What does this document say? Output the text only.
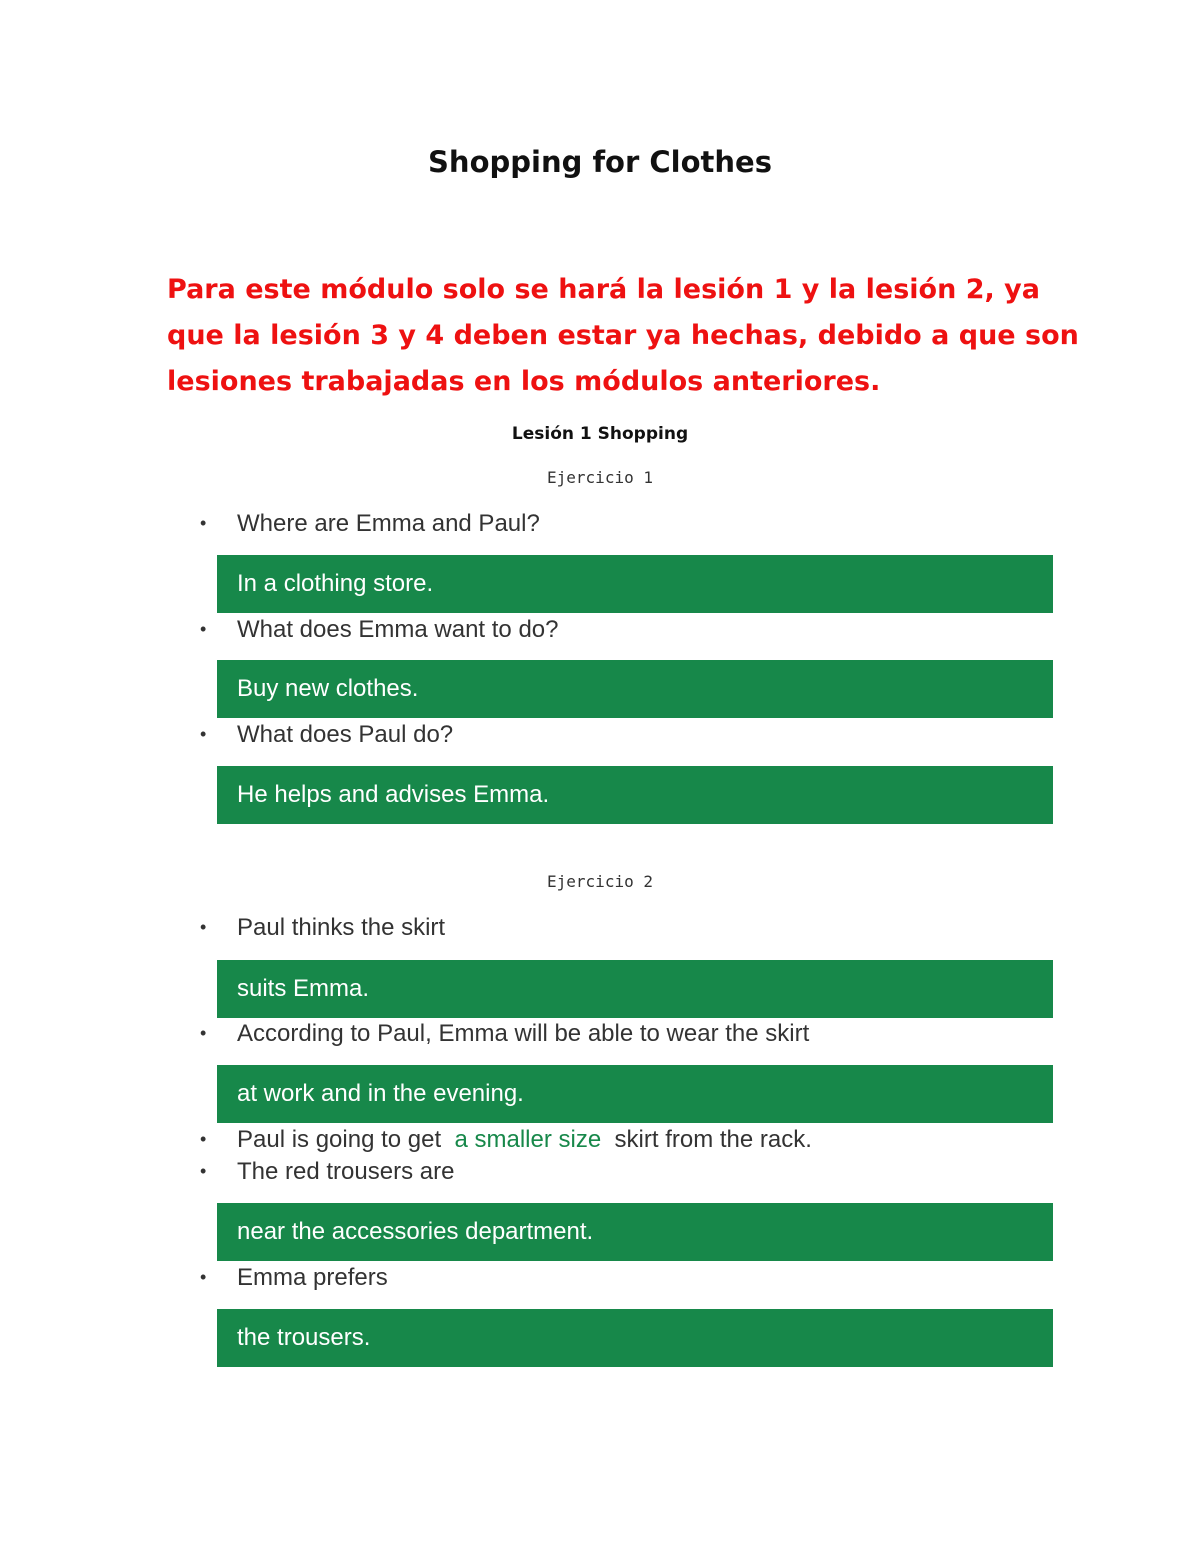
Shopping for Clothes
Para este módulo solo se hará la lesión 1 y la lesión 2, ya
que la lesión 3 y 4 deben estar ya hechas, debido a que son
lesiones trabajadas en los módulos anteriores.
Lesión 1 Shopping
Ejercicio 1
• Where are Emma and Paul?
In a clothing store.
• What does Emma want to do?
Buy new clothes.
• What does Paul do?
He helps and advises Emma.
Ejercicio 2
• Paul thinks the skirt
suits Emma.
• According to Paul, Emma will be able to wear the skirt
at work and in the evening.
• Paul is going to get a smaller size skirt from the rack.
• The red trousers are
near the accessories department.
• Emma prefers
the trousers.
